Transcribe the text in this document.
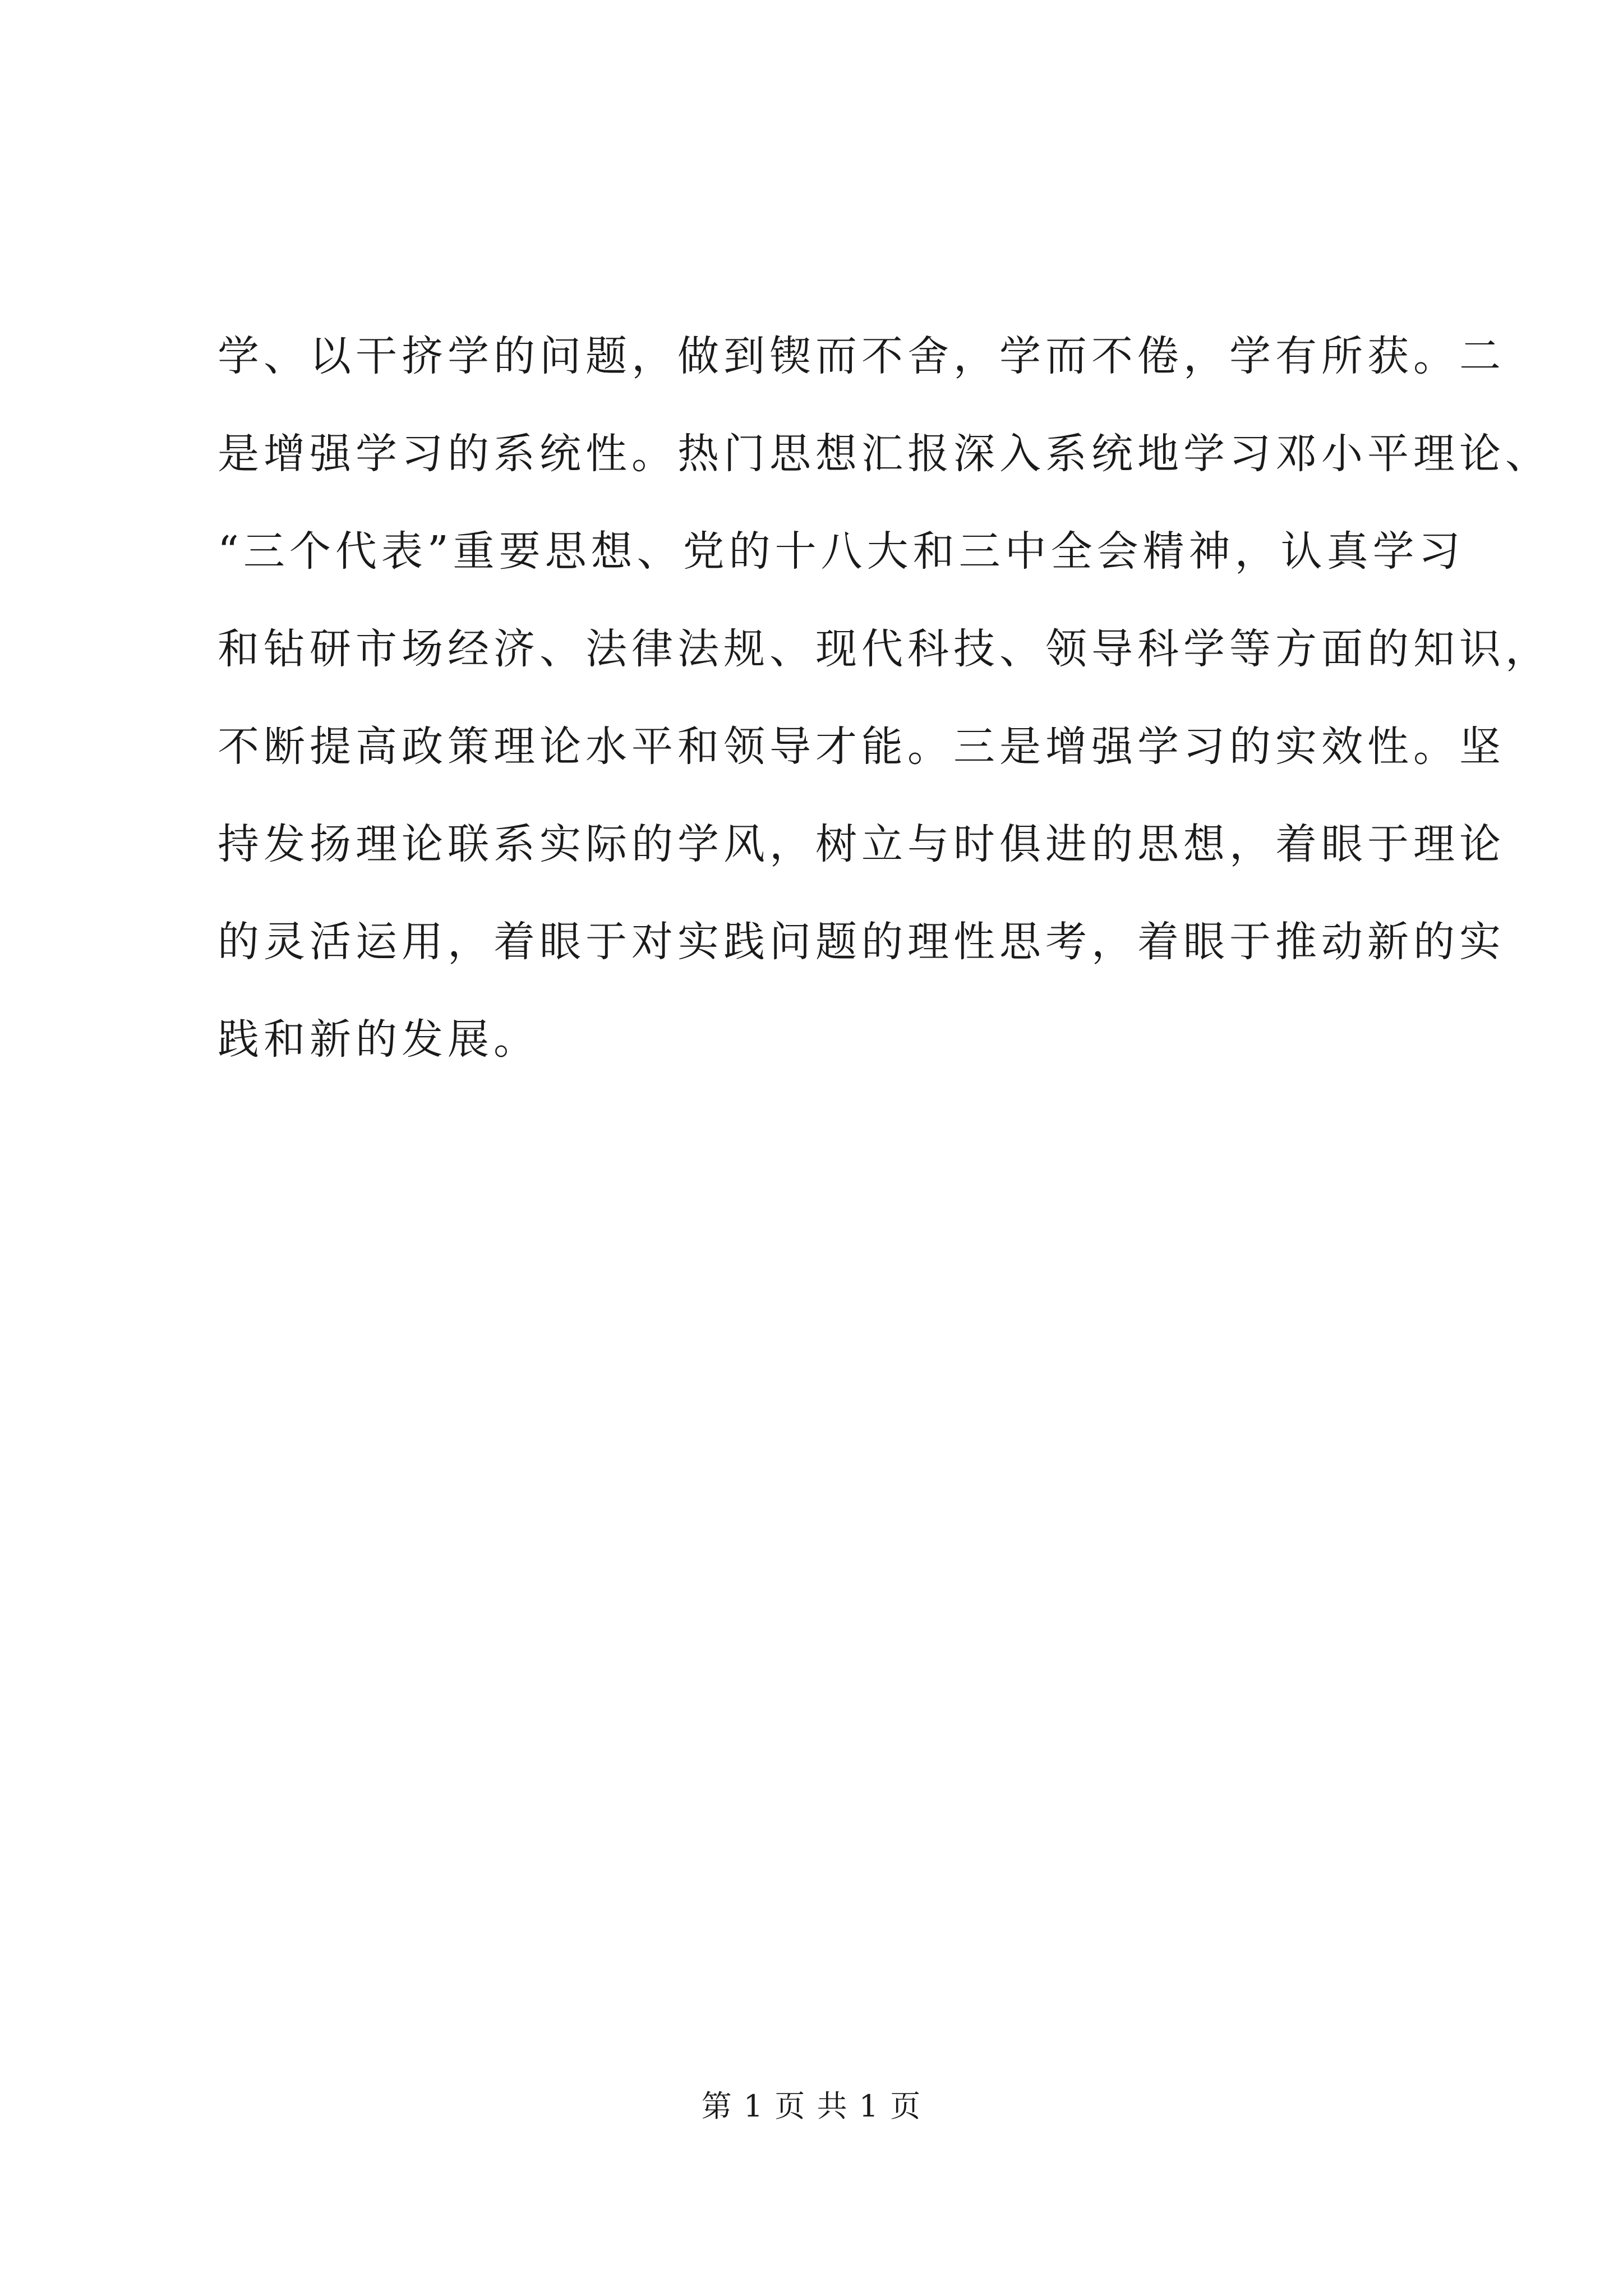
学、以干挤学的问题，做到锲而不舍，学而不倦，学有所获。二
是增强学习的系统性。热门思想汇报深入系统地学习邓小平理论、
“三个代表”重要思想、党的十八大和三中全会精神，认真学习
和钻研市场经济、法律法规、现代科技、领导科学等方面的知识，
不断提高政策理论水平和领导才能。三是增强学习的实效性。坚
持发扬理论联系实际的学风，树立与时俱进的思想，着眼于理论
的灵活运用，着眼于对实践问题的理性思考，着眼于推动新的实
践和新的发展。
第 1 页 共 1 页
